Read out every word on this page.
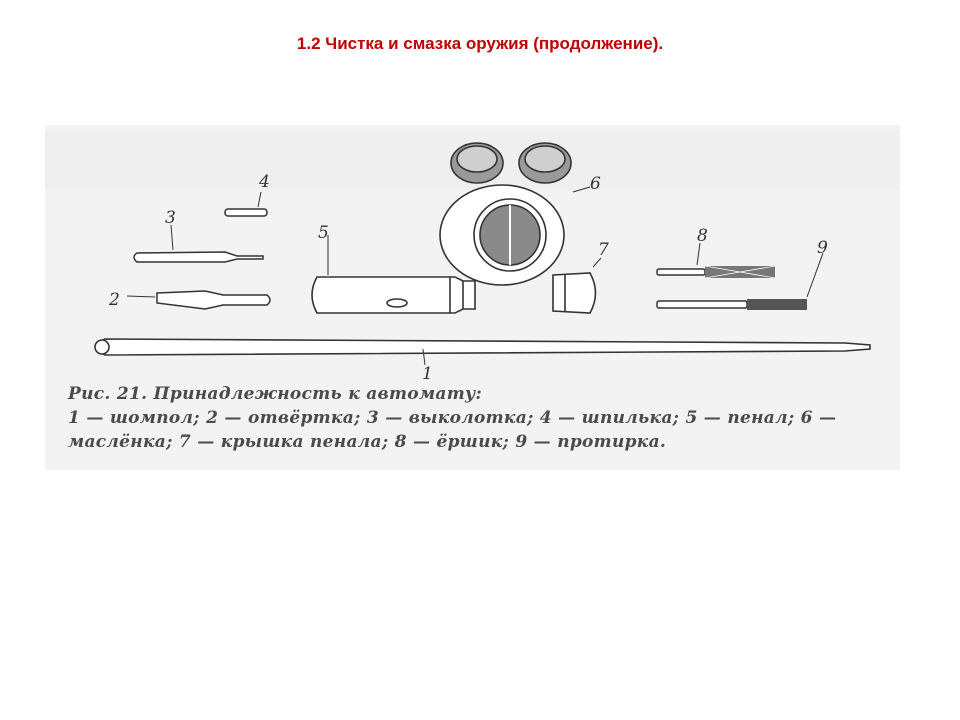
1.2 Чистка и смазка оружия (продолжение).
1
2
3
4
5
6
7
8
9
Рис. 21. Принадлежность к автомату:
1 — шомпол; 2 — отвёртка; 3 — выколотка; 4 — шпилька; 5 — пенал; 6 —
маслёнка; 7 — крышка пенала; 8 — ёршик; 9 — протирка.
